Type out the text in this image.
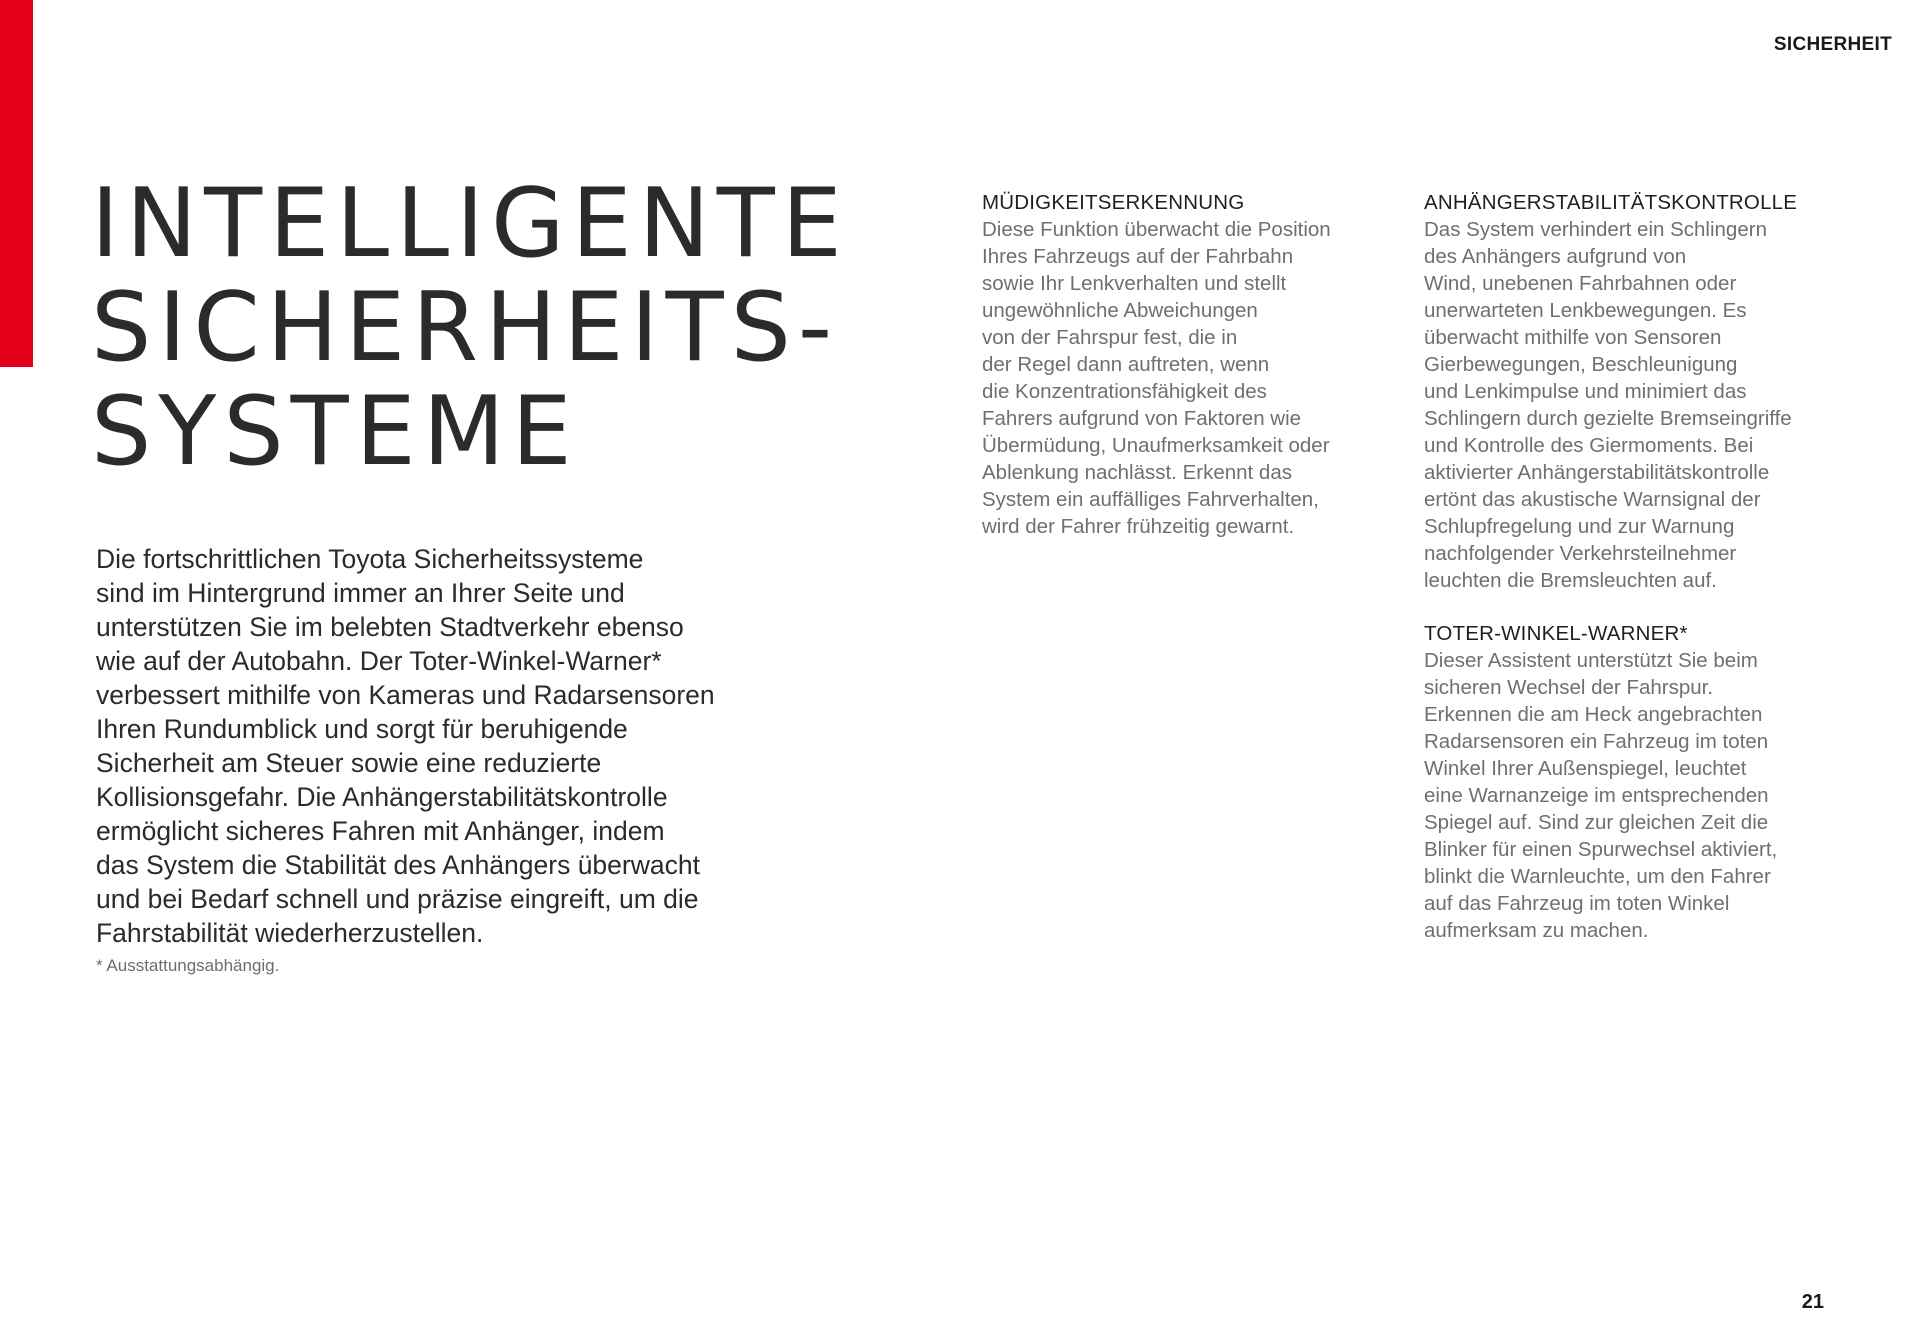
SICHERHEIT
INTELLIGENTE
SICHERHEITS-
SYSTEME

Die fortschrittlichen Toyota Sicherheitssysteme
sind im Hintergrund immer an Ihrer Seite und
unterstützen Sie im belebten Stadtverkehr ebenso
wie auf der Autobahn. Der Toter-Winkel-Warner*
verbessert mithilfe von Kameras und Radarsensoren
Ihren Rundumblick und sorgt für beruhigende
Sicherheit am Steuer sowie eine reduzierte
Kollisionsgefahr. Die Anhängerstabilitätskontrolle
ermöglicht sicheres Fahren mit Anhänger, indem
das System die Stabilität des Anhängers überwacht
und bei Bedarf schnell und präzise eingreift, um die
Fahrstabilität wiederherzustellen.

* Ausstattungsabhängig.

MÜDIGKEITSERKENNUNG

Diese Funktion überwacht die Position
Ihres Fahrzeugs auf der Fahrbahn
sowie Ihr Lenkverhalten und stellt
ungewöhnliche Abweichungen
von der Fahrspur fest, die in
der Regel dann auftreten, wenn
die Konzentrationsfähigkeit des
Fahrers aufgrund von Faktoren wie
Übermüdung, Unaufmerksamkeit oder
Ablenkung nachlässt. Erkennt das
System ein auffälliges Fahrverhalten,
wird der Fahrer frühzeitig gewarnt.

ANHÄNGERSTABILITÄTSKONTROLLE

Das System verhindert ein Schlingern
des Anhängers aufgrund von
Wind, unebenen Fahrbahnen oder
unerwarteten Lenkbewegungen. Es
überwacht mithilfe von Sensoren
Gierbewegungen, Beschleunigung
und Lenkimpulse und minimiert das
Schlingern durch gezielte Bremseingriffe
und Kontrolle des Giermoments. Bei
aktivierter Anhängerstabilitätskontrolle
ertönt das akustische Warnsignal der
Schlupfregelung und zur Warnung
nachfolgender Verkehrsteilnehmer
leuchten die Bremsleuchten auf.

TOTER-WINKEL-WARNER*

Dieser Assistent unterstützt Sie beim
sicheren Wechsel der Fahrspur.
Erkennen die am Heck angebrachten
Radarsensoren ein Fahrzeug im toten
Winkel Ihrer Außenspiegel, leuchtet
eine Warnanzeige im entsprechenden
Spiegel auf. Sind zur gleichen Zeit die
Blinker für einen Spurwechsel aktiviert,
blinkt die Warnleuchte, um den Fahrer
auf das Fahrzeug im toten Winkel
aufmerksam zu machen.

21
